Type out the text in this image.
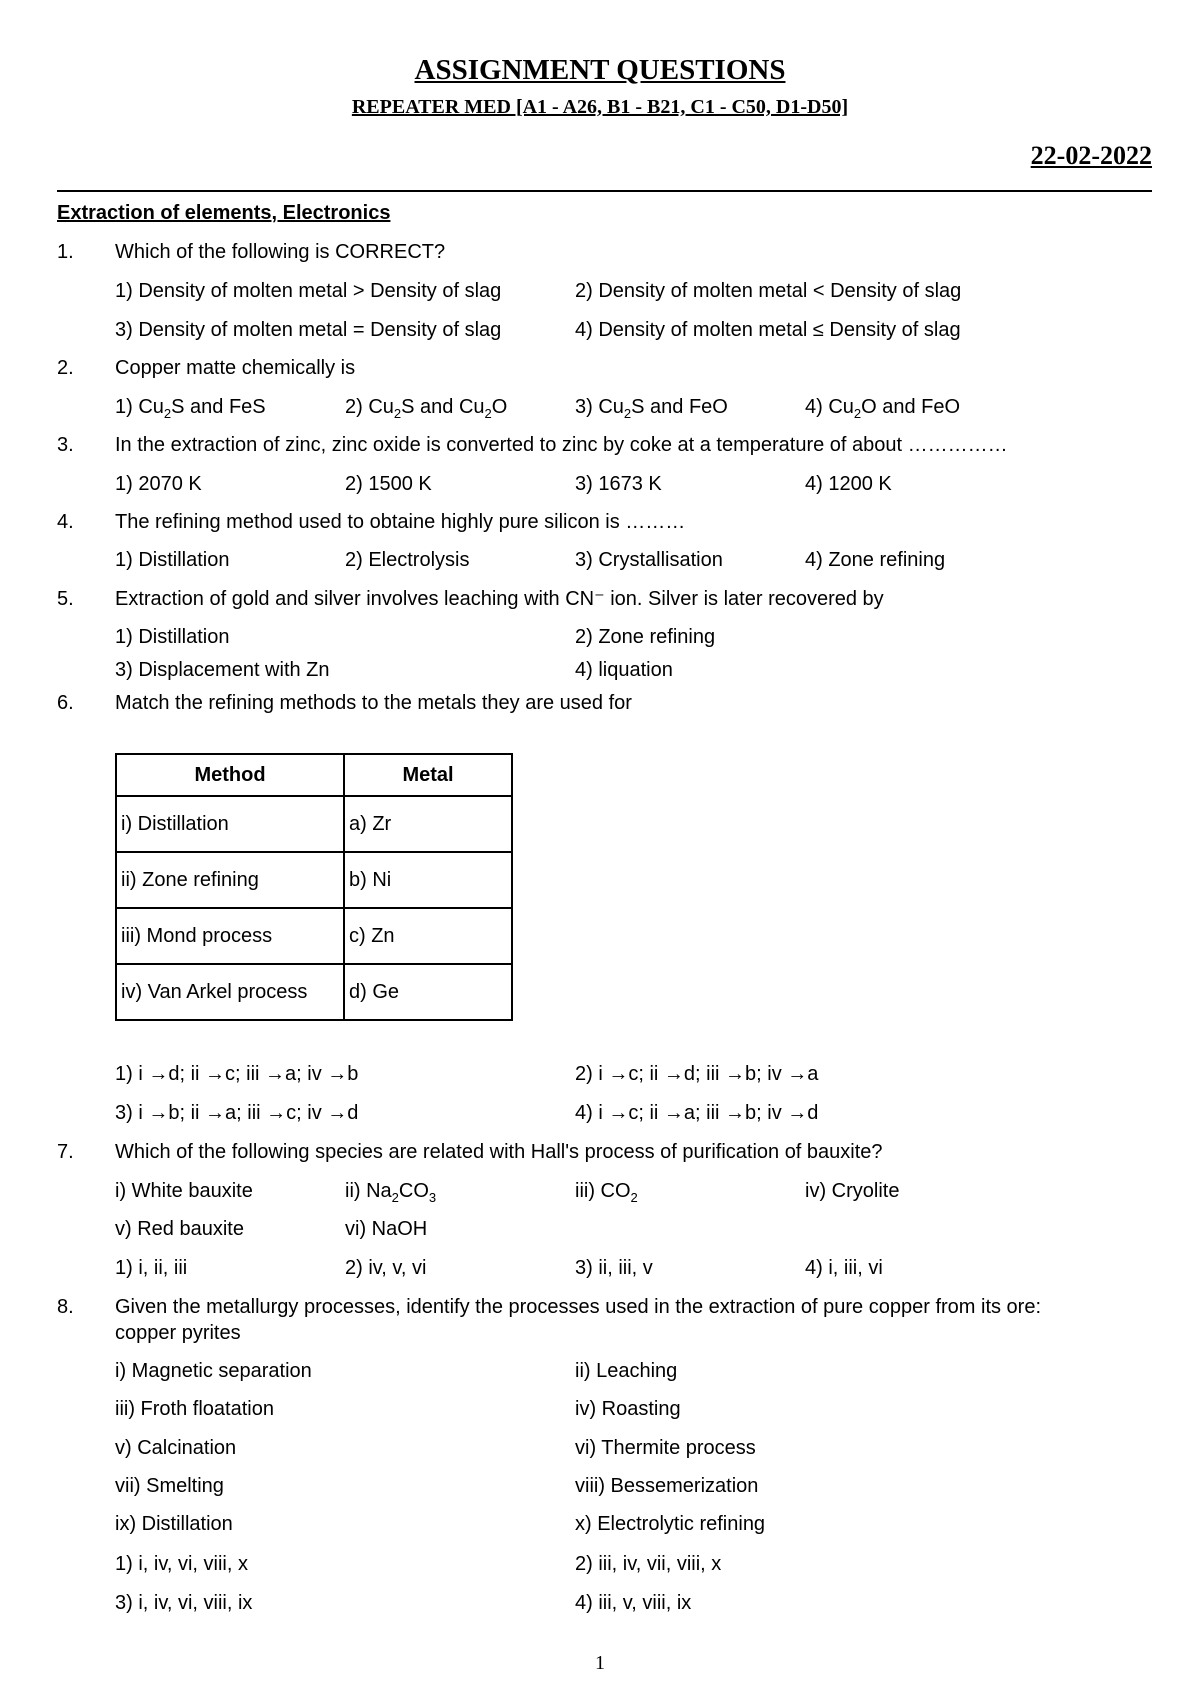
ASSIGNMENT QUESTIONS
REPEATER MED [A1 - A26, B1 - B21, C1 - C50, D1-D50]
22-02-2022
Extraction of elements, Electronics
1. Which of the following is CORRECT?
1) Density of molten metal > Density of slag	2) Density of molten metal < Density of slag
3) Density of molten metal = Density of slag	4) Density of molten metal ≤ Density of slag
2. Copper matte chemically is
1) $Cu_2S$ and FeS	2) $Cu_2S$ and $Cu_2O$	3) $Cu_2S$ and FeO	4) $Cu_2O$ and FeO
3. In the extraction of zinc, zinc oxide is converted to zinc by coke at a temperature of about ……………
1) 2070 K	2) 1500 K	3) 1673 K	4) 1200 K
4. The refining method used to obtaine highly pure silicon is ………
1) Distillation	2) Electrolysis	3) Crystallisation	4) Zone refining
5. Extraction of gold and silver involves leaching with CN⁻ ion. Silver is later recovered by
1) Distillation	2) Zone refining
3) Displacement with Zn	4) liquation
6. Match the refining methods to the metals they are used for
Method	Metal
i) Distillation	a) Zr
ii) Zone refining	b) Ni
iii) Mond process	c) Zn
iv) Van Arkel process	d) Ge
1) i →d; ii →c; iii →a; iv →b	2) i →c; ii →d; iii →b; iv →a
3) i →b; ii →a; iii →c; iv →d	4) i →c; ii →a; iii →b; iv →d
7. Which of the following species are related with Hall's process of purification of bauxite?
i) White bauxite	ii) $Na_2CO_3$	iii) $CO_2$	iv) Cryolite
v) Red bauxite	vi) NaOH
1) i, ii, iii	2) iv, v, vi	3) ii, iii, v	4) i, iii, vi
8. Given the metallurgy processes, identify the processes used in the extraction of pure copper from its ore:
copper pyrites
i) Magnetic separation	ii) Leaching
iii) Froth floatation	iv) Roasting
v) Calcination	vi) Thermite process
vii) Smelting	viii) Bessemerization
ix) Distillation	x) Electrolytic refining
1) i, iv, vi, viii, x	2) iii, iv, vii, viii, x
3) i, iv, vi, viii, ix	4) iii, v, viii, ix
1
